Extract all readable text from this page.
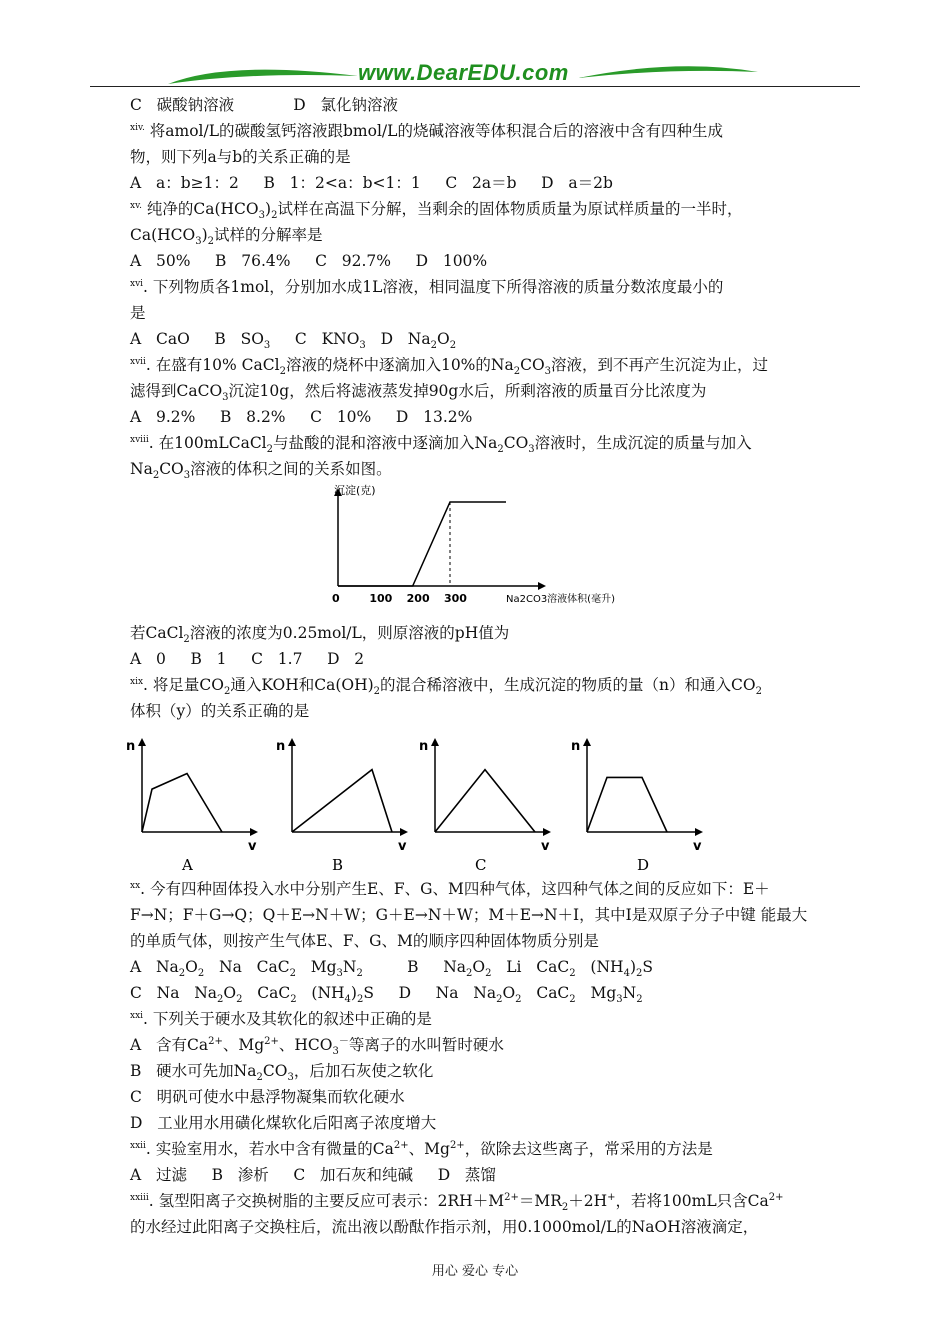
www.DearEDU.com
C   碳酸钠溶液            D   氯化钠溶液
$^{xiv.}$ 将amol/L的碳酸氢钙溶液跟bmol/L的烧碱溶液等体积混合后的溶液中含有四种生成
物，则下列a与b的关系正确的是
A   a：b≥1：2     B   1：2<a：b<1：1     C   2a＝b     D   a＝2b
$^{xv.}$ 纯净的$Ca(HCO_3)_2$试样在高温下分解，当剩余的固体物质质量为原试样质量的一半时，
$Ca(HCO_3)_2$试样的分解率是
A   50%     B   76.4%     C   92.7%     D   100%
$^{xvi}$. 下列物质各1mol，分别加水成1L溶液，相同温度下所得溶液的质量分数浓度最小的
是
A   CaO     B   $SO_3$     C   $KNO_3$   D   $Na_2O_2$
$^{xvii}$. 在盛有10% CaCl$_2$溶液的烧杯中逐滴加入10%的$Na_2CO_3$溶液，到不再产生沉淀为止，过
滤得到CaCO$_3$沉淀10g，然后将滤液蒸发掉90g水后，所剩溶液的质量百分比浓度为
A   9.2%     B   8.2%     C   10%     D   13.2%
$^{xviii}$. 在100mLCaCl$_2$与盐酸的混和溶液中逐滴加入$Na_2CO_3$溶液时，生成沉淀的质量与加入
$Na_2CO_3$溶液的体积之间的关系如图。
沉淀(克)
Na2CO3溶液体积(毫升)
0	100 200 300
若CaCl$_2$溶液的浓度为0.25mol/L，则原溶液的pH值为
A   0     B   1     C   1.7     D   2
$^{xix}$. 将足量$CO_2$通入KOH和$Ca(OH)_2$的混合稀溶液中，生成沉淀的物质的量（n）和通入$CO_2$
体积（y）的关系正确的是
n
v
A
n
v
B
n
v
C
n
v
D
$^{xx}$. 今有四种固体投入水中分别产生E、F、G、M四种气体，这四种气体之间的反应如下：E＋
F→N；F＋G→Q；Q＋E→N＋W；G＋E→N＋W；M＋E→N＋I，其中I是双原子分子中键 能最大
的单质气体，则按产生气体E、F、G、M的顺序四种固体物质分别是
A   $Na_2O_2$   Na   CaC$_2$   $Mg_3N_2$         B     $Na_2O_2$   Li   CaC$_2$   $(NH_4)_2S$
C   Na   $Na_2O_2$   CaC$_2$   $(NH_4)_2S$     D     Na   $Na_2O_2$   CaC$_2$   $Mg_3N_2$
$^{xxi}$. 下列关于硬水及其软化的叙述中正确的是
A   含有$Ca^{2+}$、$Mg^{2+}$、$HCO_3^-$等离子的水叫暂时硬水
B   硬水可先加$Na_2CO_3$，后加石灰使之软化
C   明矾可使水中悬浮物凝集而软化硬水
D   工业用水用磺化煤软化后阳离子浓度增大
$^{xxii}$. 实验室用水，若水中含有微量的$Ca^{2+}$、$Mg^{2+}$，欲除去这些离子，常采用的方法是
A   过滤     B   渗析     C   加石灰和纯碱     D   蒸馏
$^{xxiii}$. 氢型阳离子交换树脂的主要反应可表示：$2RH+M^{2+}=MR_2+2H^+$，若将100mL只含$Ca^{2+}$
的水经过此阳离子交换柱后，流出液以酚酞作指示剂，用0.1000mol/L的NaOH溶液滴定，
用心 爱心 专心
